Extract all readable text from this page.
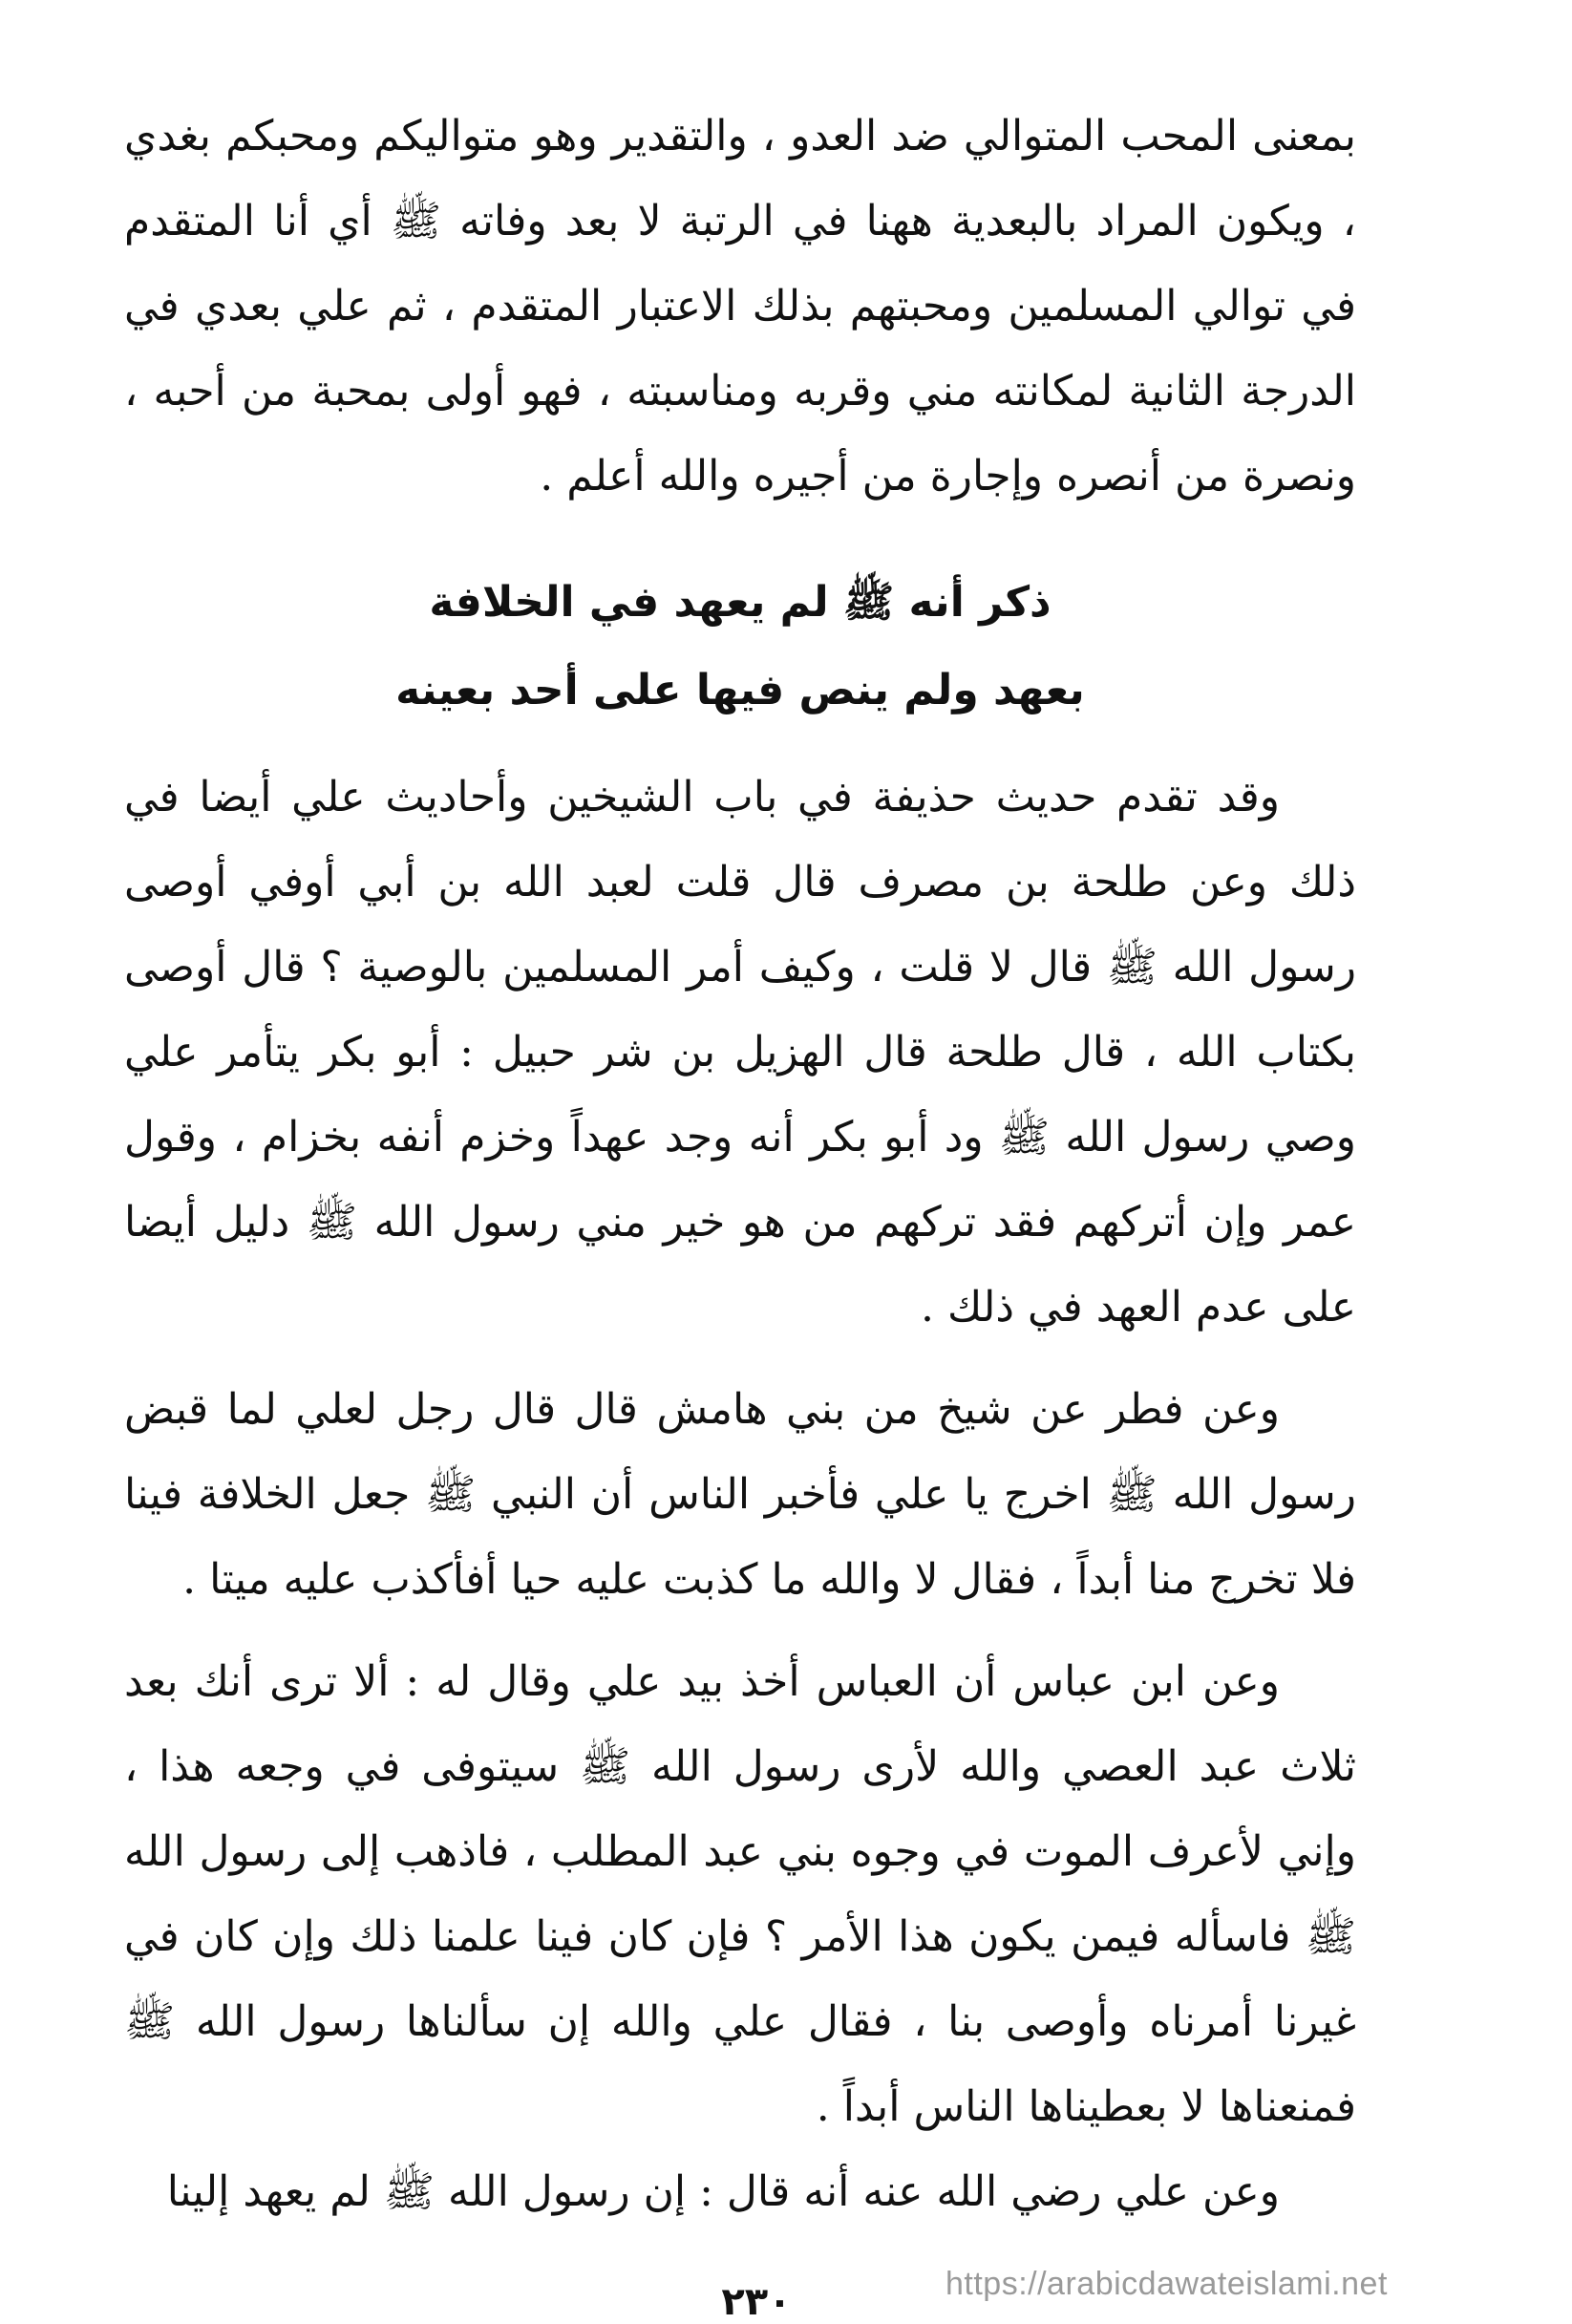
بمعنى المحب المتوالي ضد العدو ، والتقدير وهو متواليكم ومحبكم بغدي ، ويكون المراد بالبعدية ههنا في الرتبة لا بعد وفاته ﷺ أي أنا المتقدم في توالي المسلمين ومحبتهم بذلك الاعتبار المتقدم ، ثم علي بعدي في الدرجة الثانية لمكانته مني وقربه ومناسبته ، فهو أولى بمحبة من أحبه ، ونصرة من أنصره وإجارة من أجيره والله أعلم .

ذكر أنه ﷺ لم يعهد في الخلافة
بعهد ولم ينص فيها على أحد بعينه

وقد تقدم حديث حذيفة في باب الشيخين وأحاديث علي أيضا في ذلك وعن طلحة بن مصرف قال قلت لعبد الله بن أبي أوفي أوصى رسول الله ﷺ قال لا قلت ، وكيف أمر المسلمين بالوصية ؟ قال أوصى بكتاب الله ، قال طلحة قال الهزيل بن شر حبيل : أبو بكر يتأمر علي وصي رسول الله ﷺ ود أبو بكر أنه وجد عهداً وخزم أنفه بخزام ، وقول عمر وإن أتركهم فقد تركهم من هو خير مني رسول الله ﷺ دليل أيضا على عدم العهد في ذلك .

وعن فطر عن شيخ من بني هامش قال قال رجل لعلي لما قبض رسول الله ﷺ اخرج يا علي فأخبر الناس أن النبي ﷺ جعل الخلافة فينا فلا تخرج منا أبداً ، فقال لا والله ما كذبت عليه حيا أفأكذب عليه ميتا .

وعن ابن عباس أن العباس أخذ بيد علي وقال له : ألا ترى أنك بعد ثلاث عبد العصي والله لأرى رسول الله ﷺ سيتوفى في وجعه هذا ، وإني لأعرف الموت في وجوه بني عبد المطلب ، فاذهب إلى رسول الله ﷺ فاسأله فيمن يكون هذا الأمر ؟ فإن كان فينا علمنا ذلك وإن كان في غيرنا أمرناه وأوصى بنا ، فقال علي والله إن سألناها رسول الله ﷺ فمنعناها لا بعطيناها الناس أبداً .

وعن علي رضي الله عنه أنه قال : إن رسول الله ﷺ لم يعهد إلينا

https://arabicdawateislami.net
٢٣٠
